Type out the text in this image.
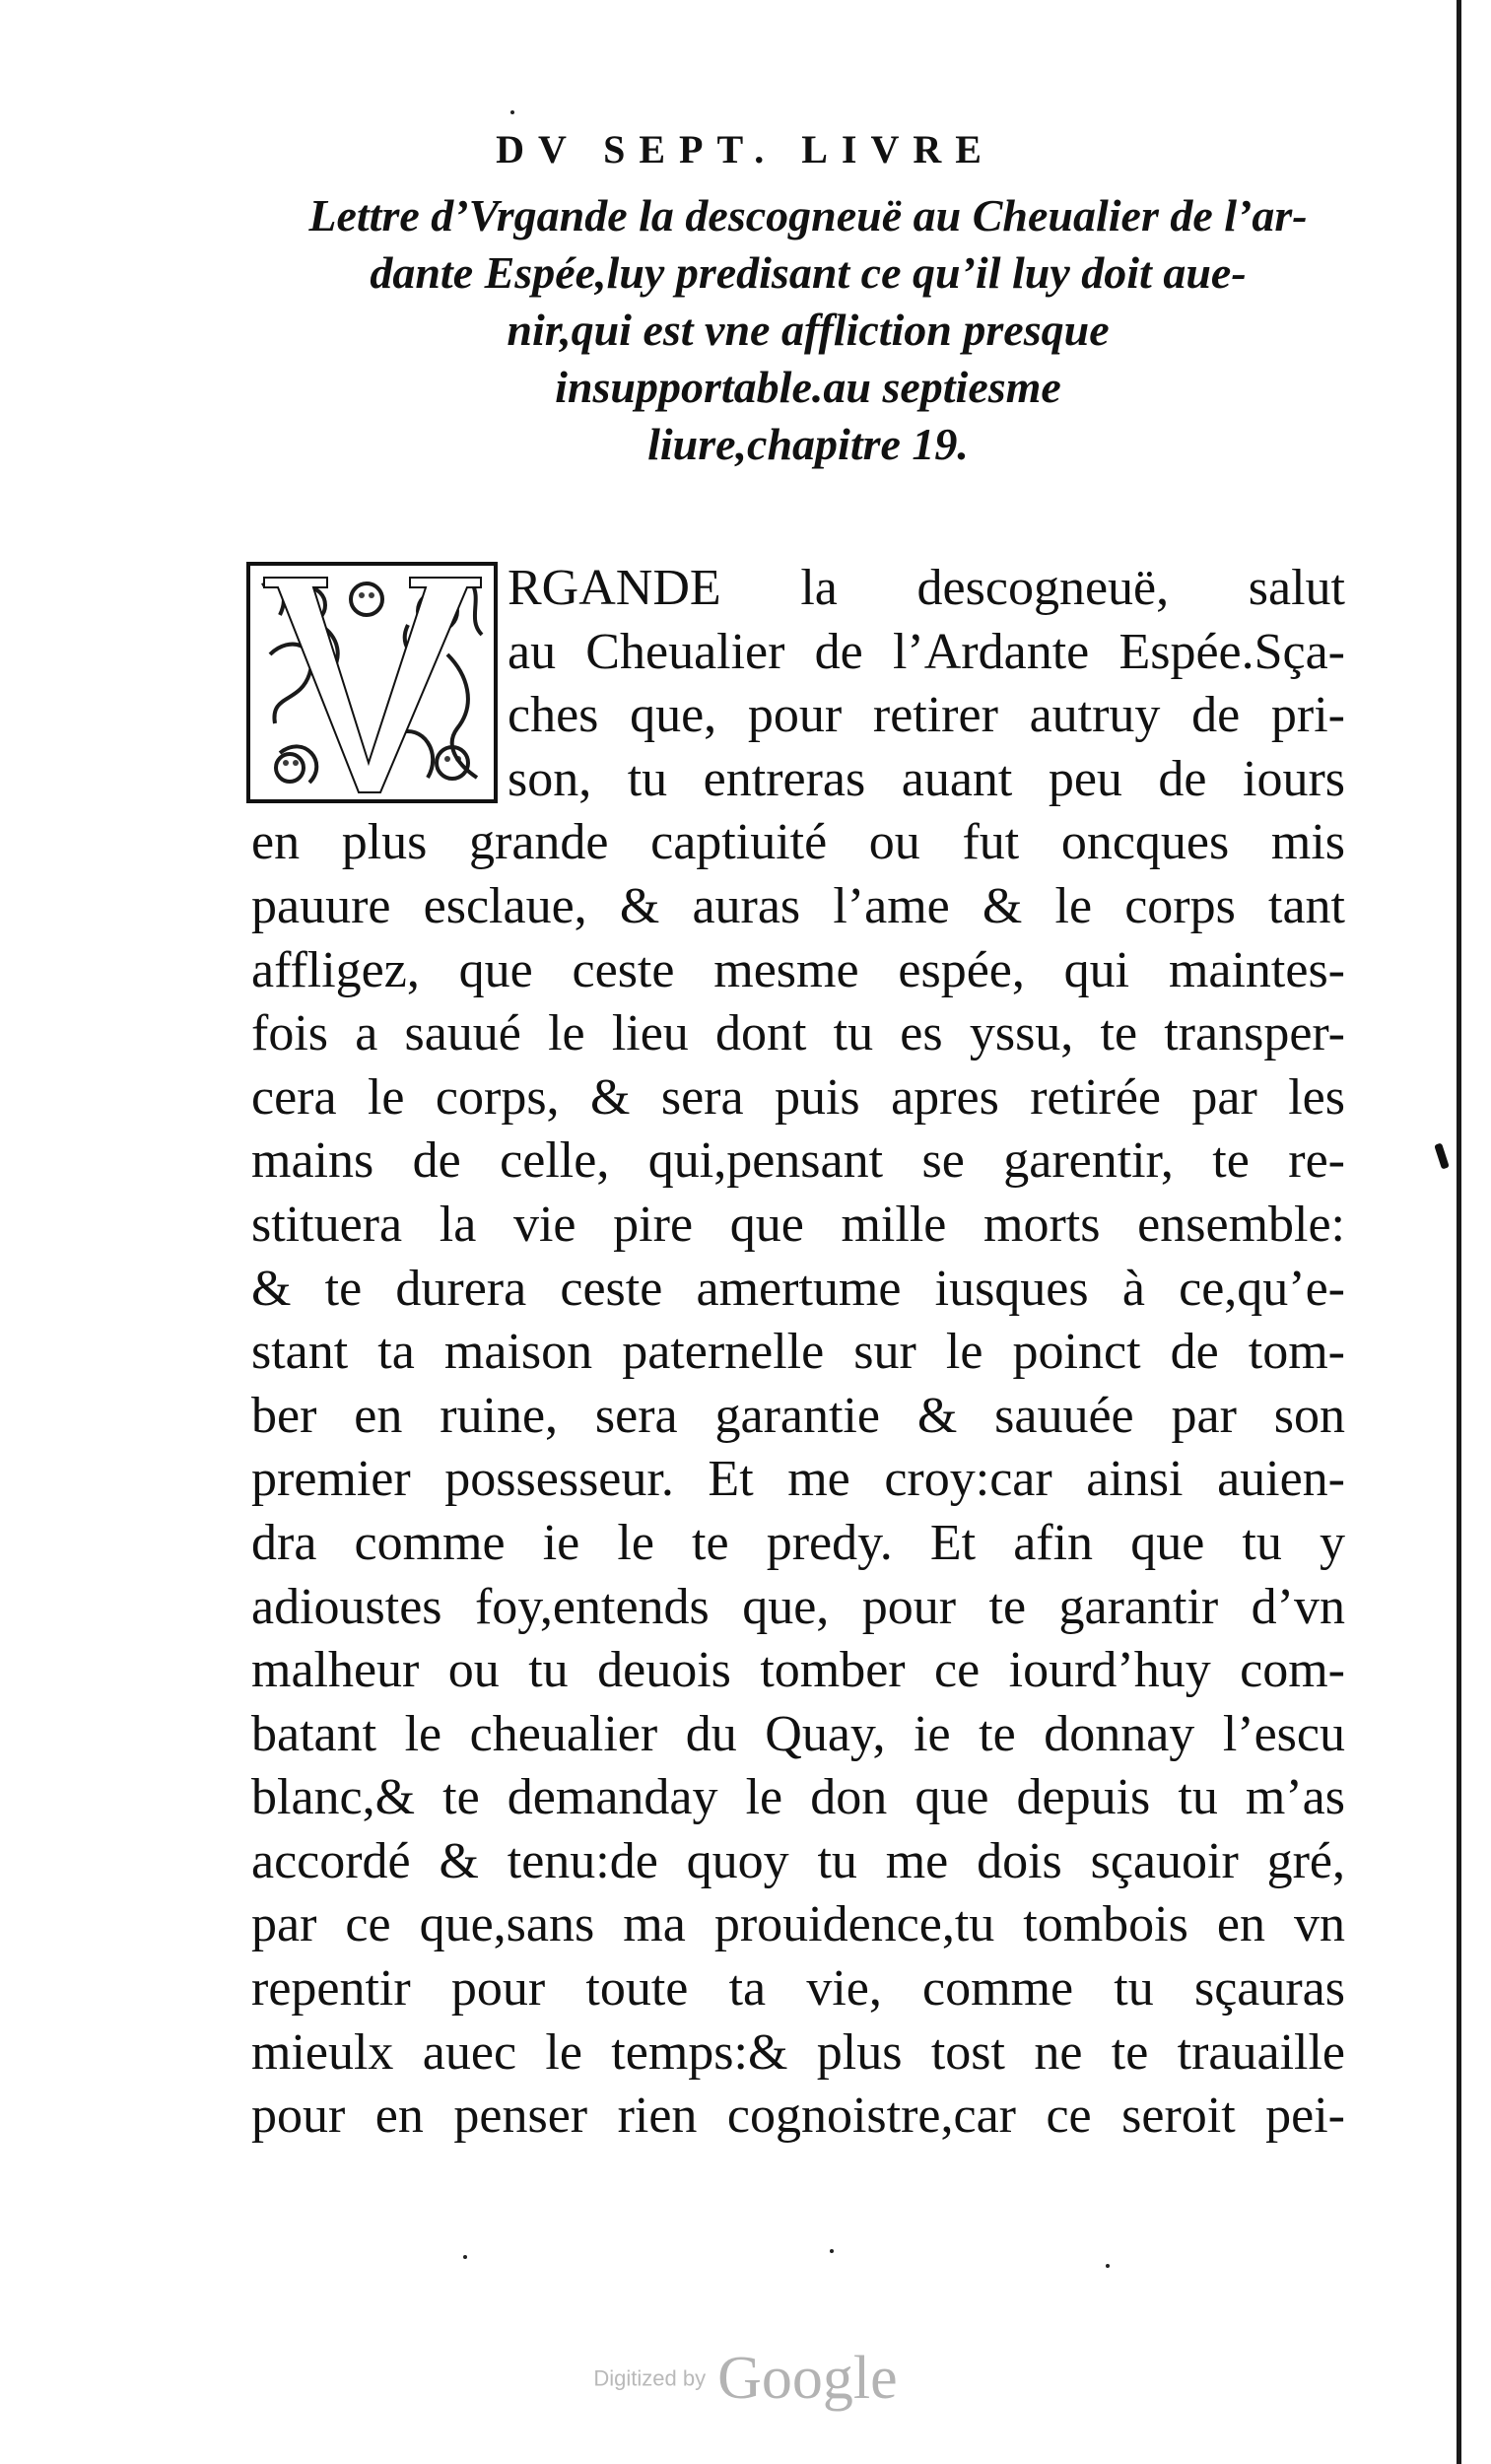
DV SEPT. LIVRE
Lettre d’Vrgande la descogneuë au Cheualier de l’ar-
dante Espée,luy predisant ce qu’il luy doit aue-
nir,qui est vne affliction presque
insupportable.au septiesme
liure,chapitre 19.
V
RGANDE la descogneuë, salut
au Cheualier de l’Ardante Espée.Sça-
ches que, pour retirer autruy de pri-
son, tu entreras auant peu de iours
en plus grande captiuité ou fut oncques mis
pauure esclaue, & auras l’ame & le corps tant
affligez, que ceste mesme espée, qui maintes-
fois a sauué le lieu dont tu es yssu, te transper-
cera le corps, & sera puis apres retirée par les
mains de celle, qui,pensant se garentir, te re-
stituera la vie pire que mille morts ensemble:
& te durera ceste amertume iusques à ce,qu’e-
stant ta maison paternelle sur le poinct de tom-
ber en ruine, sera garantie & sauuée par son
premier possesseur. Et me croy:car ainsi auien-
dra comme ie le te predy. Et afin que tu y
adioustes foy,entends que, pour te garantir d’vn
malheur ou tu deuois tomber ce iourd’huy com-
batant le cheualier du Quay, ie te donnay l’escu
blanc,& te demanday le don que depuis tu m’as
accordé & tenu:de quoy tu me dois sçauoir gré,
par ce que,sans ma prouidence,tu tombois en vn
repentir pour toute ta vie, comme tu sçauras
mieulx auec le temps:& plus tost ne te trauaille
pour en penser rien cognoistre,car ce seroit pei-
Digitized by Google
